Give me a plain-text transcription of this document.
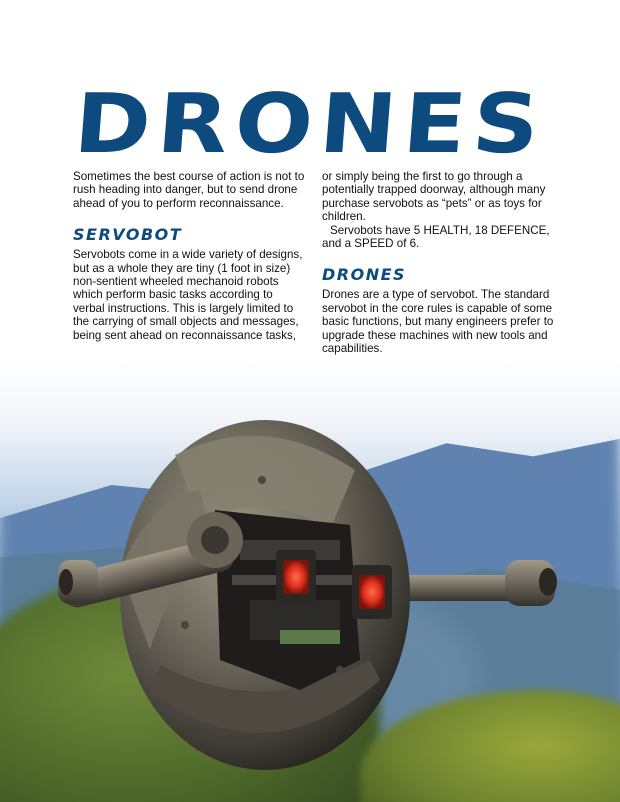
DRONES

Sometimes the best course of action is not to rush heading into danger, but to send drone ahead of you to perform reconnaissance.

SERVOBOT

Servobots come in a wide variety of designs, but as a whole they are tiny (1 foot in size) non-sentient wheeled mechanoid robots which perform basic tasks according to verbal instructions. This is largely limited to the carrying of small objects and messages, being sent ahead on reconnaissance tasks,

or simply being the first to go through a potentially trapped doorway, although many purchase servobots as “pets” or as toys for children.

Servobots have 5 HEALTH, 18 DEFENCE, and a SPEED of 6.

DRONES

Drones are a type of servobot. The standard servobot in the core rules is capable of some basic functions, but many engineers prefer to upgrade these machines with new tools and capabilities.
